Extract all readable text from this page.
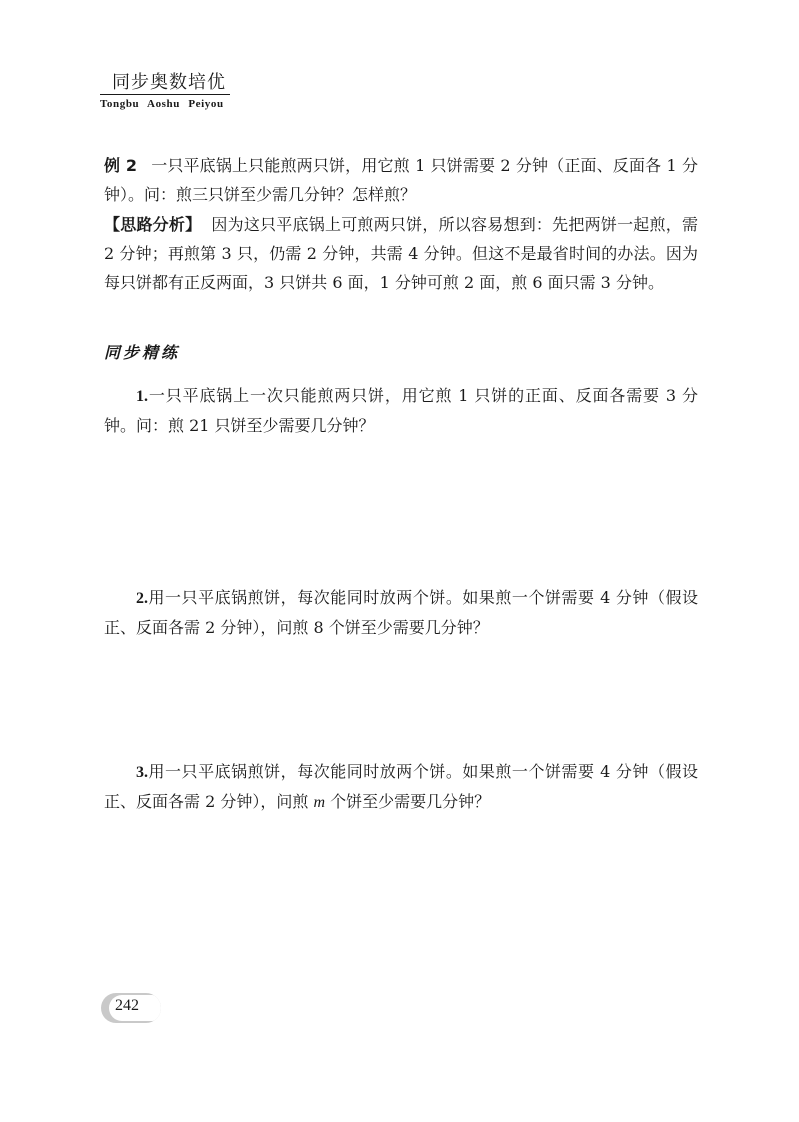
同步奥数培优
Tongbu Aoshu Peiyou
例 2 一只平底锅上只能煎两只饼，用它煎 1 只饼需要 2 分钟（正面、反面各 1 分钟）。问：煎三只饼至少需几分钟？怎样煎？
【思路分析】 因为这只平底锅上可煎两只饼，所以容易想到：先把两饼一起煎，需 2 分钟；再煎第 3 只，仍需 2 分钟，共需 4 分钟。但这不是最省时间的办法。因为每只饼都有正反两面，3 只饼共 6 面，1 分钟可煎 2 面，煎 6 面只需 3 分钟。
同步精练
1.一只平底锅上一次只能煎两只饼，用它煎 1 只饼的正面、反面各需要 3 分钟。问：煎 21 只饼至少需要几分钟？
2.用一只平底锅煎饼，每次能同时放两个饼。如果煎一个饼需要 4 分钟（假设正、反面各需 2 分钟），问煎 8 个饼至少需要几分钟？
3.用一只平底锅煎饼，每次能同时放两个饼。如果煎一个饼需要 4 分钟（假设正、反面各需 2 分钟），问煎 m 个饼至少需要几分钟？
242
